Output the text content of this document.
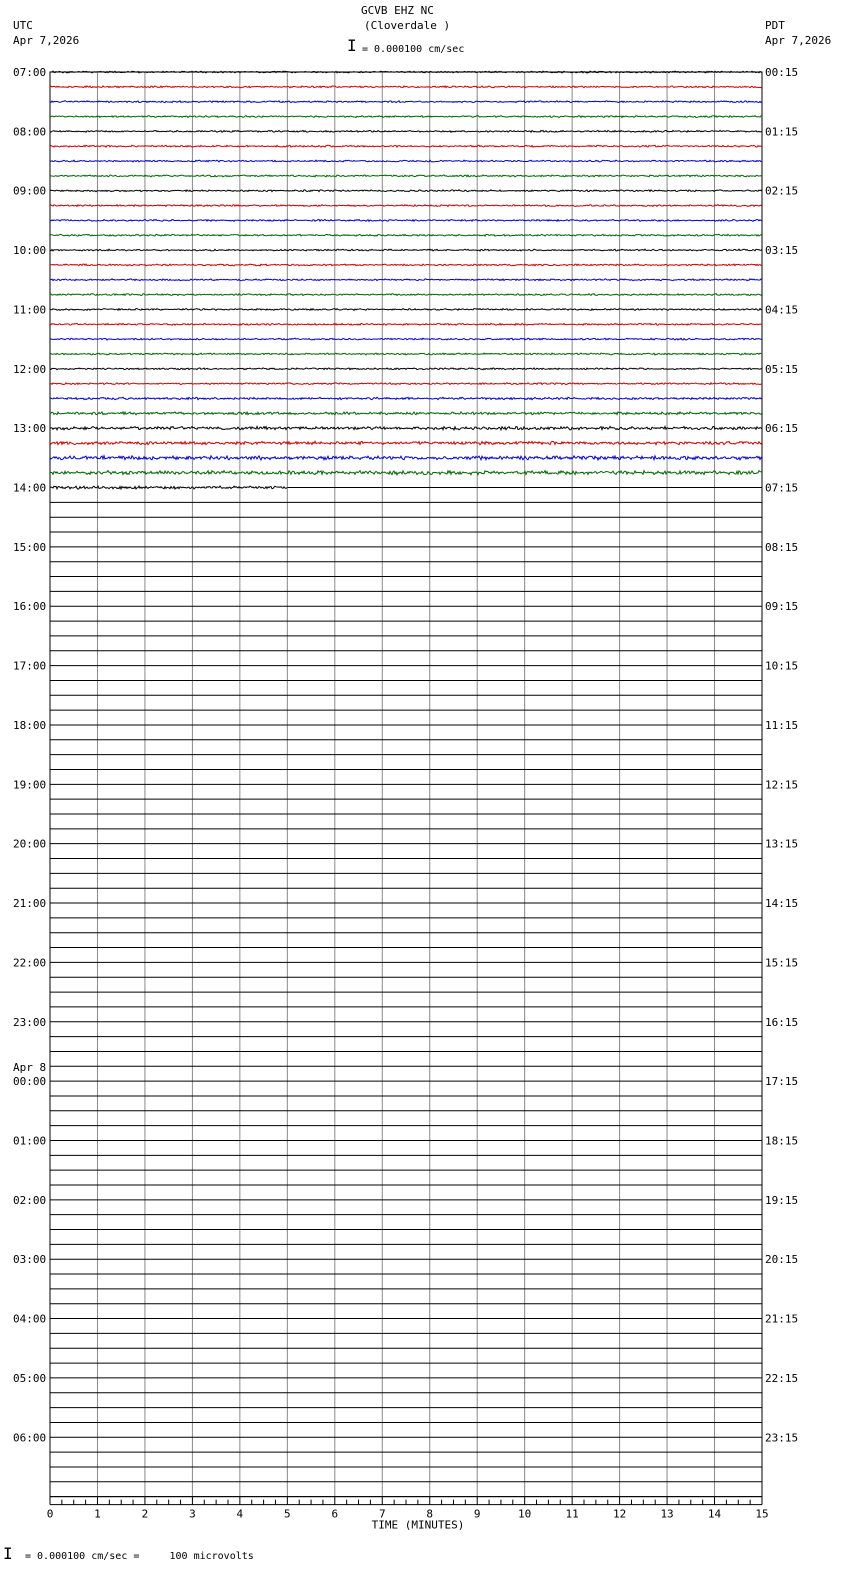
GCVB EHZ NC
(Cloverdale )
UTC
Apr 7,2026
PDT
Apr 7,2026
I = 0.000100 cm/sec
07:00
08:00
09:00
10:00
11:00
12:00
13:00
14:00
15:00
16:00
17:00
18:00
19:00
20:00
21:00
22:00
23:00
00:00
Apr 8
01:00
02:00
03:00
04:00
05:00
06:00
00:15
01:15
02:15
03:15
04:15
05:15
06:15
07:15
08:15
09:15
10:15
11:15
12:15
13:15
14:15
15:15
16:15
17:15
18:15
19:15
20:15
21:15
22:15
23:15
0	1	2	3	4	5	6	7	8	9	10	11	12	13	14	15
TIME (MINUTES)
I = 0.000100 cm/sec =     100 microvolts
